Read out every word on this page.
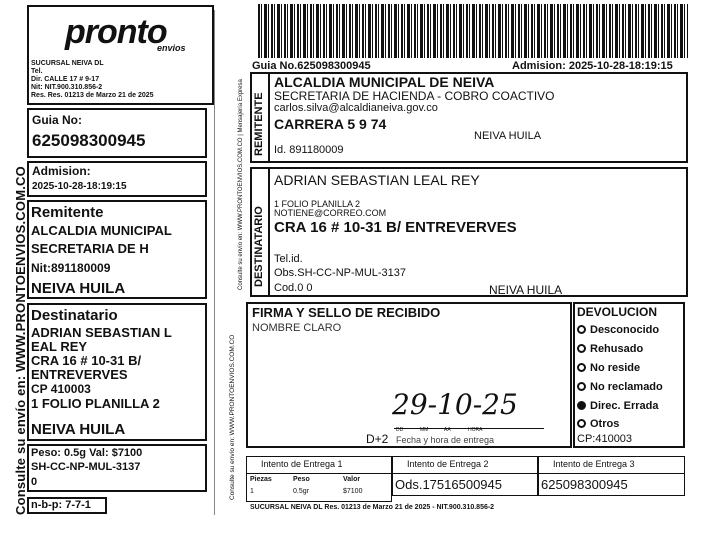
Consulte su envío en: WWW.PRONTOENVIOS.COM.CO
pronto
envios
SUCURSAL NEIVA DL
Tel.
Dir. CALLE 17 # 9-17
Nit: NIT.900.310.856-2
Res. Res. 01213 de Marzo 21 de 2025
Guia No:
625098300945
Admision:
2025-10-28-18:19:15
Remitente
ALCALDIA MUNICIPAL
SECRETARIA DE H
Nit:891180009
NEIVA HUILA
Destinatario
ADRIAN SEBASTIAN L
EAL REY
CRA 16 # 10-31 B/
ENTREVERVES
CP 410003
1 FOLIO PLANILLA 2
NEIVA HUILA
Peso: 0.5g Val: $7100
SH-CC-NP-MUL-3137
0
n-b-p: 7-7-1
Consulte su envío en: WWW.PRONTOENVIOS.COM.CO | Mensajería Expresa
Consulte su envío en: WWW.PRONTOENVIOS.COM.CO
Guia No.625098300945	Admision: 2025-10-28-18:19:15
REMITENTE
ALCALDIA MUNICIPAL DE NEIVA
SECRETARIA DE HACIENDA - COBRO COACTIVO
carlos.silva@alcaldianeiva.gov.co
CARRERA 5 9 74
NEIVA HUILA
Id. 891180009
DESTINATARIO
ADRIAN SEBASTIAN LEAL REY
1 FOLIO PLANILLA 2
NOTIENE@CORREO.COM
CRA 16 # 10-31 B/ ENTREVERVES
Tel.id.
Obs.SH-CC-NP-MUL-3137
Cod.0 0	NEIVA HUILA
FIRMA Y SELLO DE RECIBIDO
NOMBRE CLARO
29-10-25
D+2
DD	MM	AA	HORA
Fecha y hora de entrega
DEVOLUCION
Desconocido
Rehusado
No reside
No reclamado
Direc. Errada
Otros
CP:410003
Intento de Entrega 1
Piezas	Peso	Valor
1	0.5gr	$7100
Intento de Entrega 2
Ods.17516500945
Intento de Entrega 3
625098300945
SUCURSAL NEIVA DL Res. 01213 de Marzo 21 de 2025 - NIT.900.310.856-2
